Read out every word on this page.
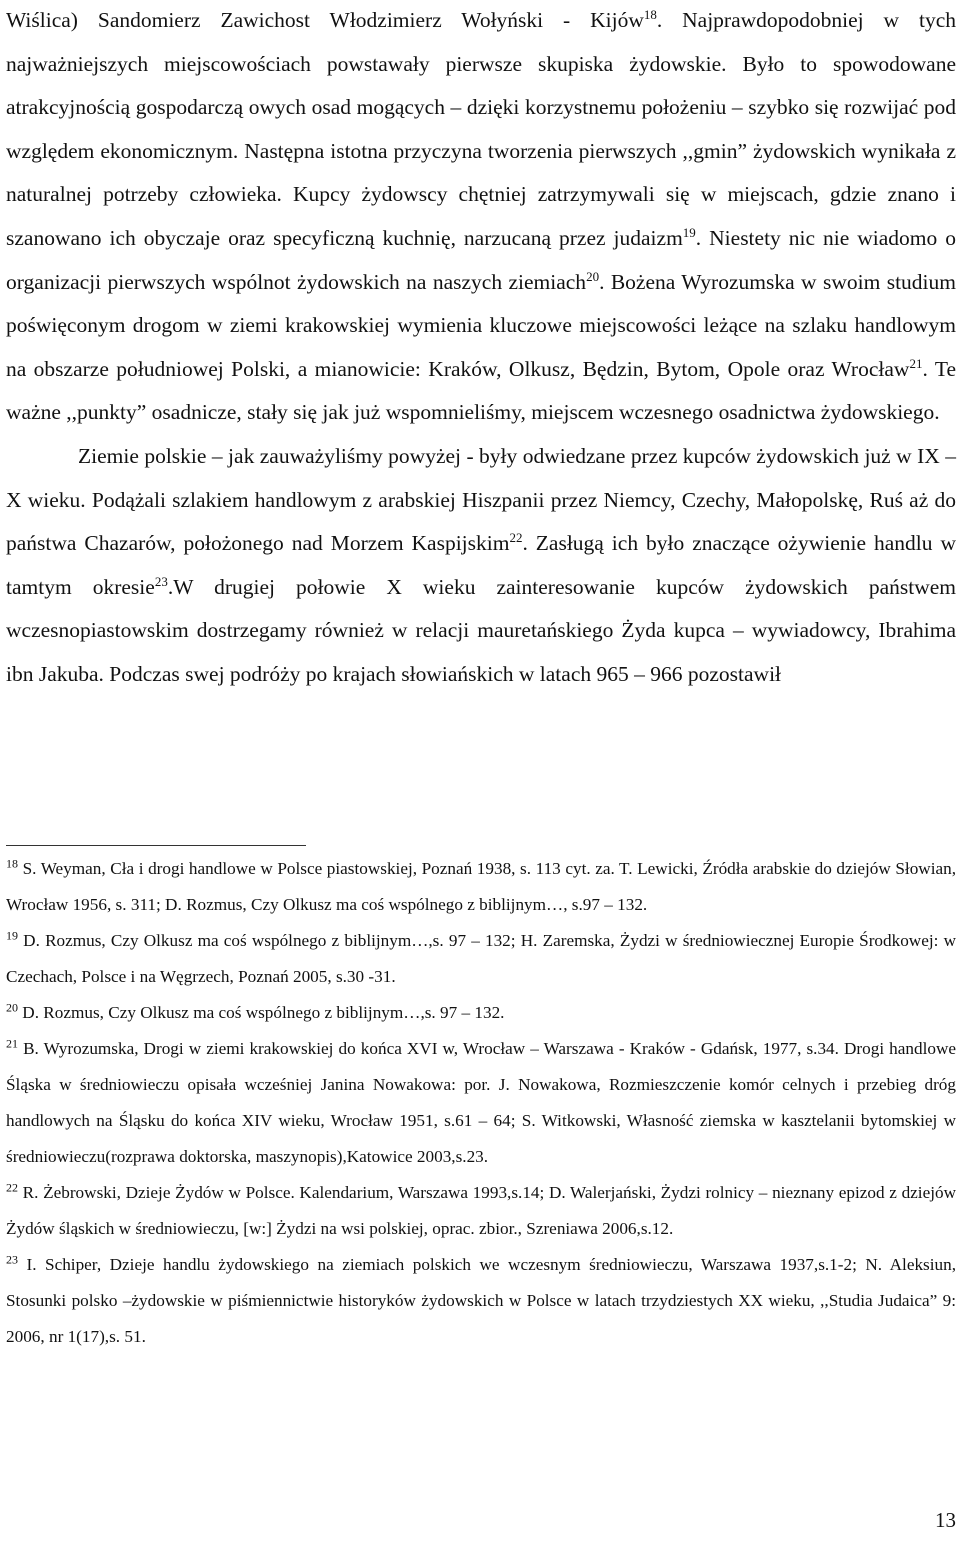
Wiślica) Sandomierz Zawichost Włodzimierz Wołyński - Kijów$^{18}$. Najprawdopodobniej w tych najważniejszych miejscowościach powstawały pierwsze skupiska żydowskie. Było to spowodowane atrakcyjnością gospodarczą owych osad mogących – dzięki korzystnemu położeniu – szybko się rozwijać pod względem ekonomicznym. Następna istotna przyczyna tworzenia pierwszych ,,gmin” żydowskich wynikała z naturalnej potrzeby człowieka. Kupcy żydowscy chętniej zatrzymywali się w miejscach, gdzie znano i szanowano ich obyczaje oraz specyficzną kuchnię, narzucaną przez judaizm$^{19}$. Niestety nic nie wiadomo o organizacji pierwszych wspólnot żydowskich na naszych ziemiach$^{20}$. Bożena Wyrozumska w swoim studium poświęconym drogom w ziemi krakowskiej wymienia kluczowe miejscowości leżące na szlaku handlowym na obszarze południowej Polski, a mianowicie: Kraków, Olkusz, Będzin, Bytom, Opole oraz Wrocław$^{21}$. Te ważne ,,punkty” osadnicze, stały się jak już wspomnieliśmy, miejscem wczesnego osadnictwa żydowskiego.

Ziemie polskie – jak zauważyliśmy powyżej - były odwiedzane przez kupców żydowskich już w IX – X wieku. Podążali szlakiem handlowym z arabskiej Hiszpanii przez Niemcy, Czechy, Małopolskę, Ruś aż do państwa Chazarów, położonego nad Morzem Kaspijskim$^{22}$. Zasługą ich było znaczące ożywienie handlu w tamtym okresie$^{23}$.W drugiej połowie X wieku zainteresowanie kupców żydowskich państwem wczesnopiastowskim dostrzegamy również w relacji mauretańskiego Żyda kupca – wywiadowcy, Ibrahima ibn Jakuba. Podczas swej podróży po krajach słowiańskich w latach 965 – 966 pozostawił

$^{18}$ S. Weyman, Cła i drogi handlowe w Polsce piastowskiej, Poznań 1938, s. 113 cyt. za. T. Lewicki, Źródła arabskie do dziejów Słowian, Wrocław 1956, s. 311; D. Rozmus, Czy Olkusz ma coś wspólnego z biblijnym…, s.97 – 132.

$^{19}$ D. Rozmus, Czy Olkusz ma coś wspólnego z biblijnym…,s. 97 – 132; H. Zaremska, Żydzi w średniowiecznej Europie Środkowej: w Czechach, Polsce i na Węgrzech, Poznań 2005, s.30 -31.

$^{20}$ D. Rozmus, Czy Olkusz ma coś wspólnego z biblijnym…,s. 97 – 132.

$^{21}$ B. Wyrozumska, Drogi w ziemi krakowskiej do końca XVI w, Wrocław – Warszawa - Kraków - Gdańsk, 1977, s.34. Drogi handlowe Śląska w średniowieczu opisała wcześniej Janina Nowakowa: por. J. Nowakowa, Rozmieszczenie komór celnych i przebieg dróg handlowych na Śląsku do końca XIV wieku, Wrocław 1951, s.61 – 64; S. Witkowski, Własność ziemska w kasztelanii bytomskiej w średniowieczu(rozprawa doktorska, maszynopis),Katowice 2003,s.23.

$^{22}$ R. Żebrowski, Dzieje Żydów w Polsce. Kalendarium, Warszawa 1993,s.14; D. Walerjański, Żydzi rolnicy – nieznany epizod z dziejów Żydów śląskich w średniowieczu, [w:] Żydzi na wsi polskiej, oprac. zbior., Szreniawa 2006,s.12.

$^{23}$ I. Schiper, Dzieje handlu żydowskiego na ziemiach polskich we wczesnym średniowieczu, Warszawa 1937,s.1-2; N. Aleksiun, Stosunki polsko –żydowskie w piśmiennictwie historyków żydowskich w Polsce w latach trzydziestych XX wieku, ,,Studia Judaica” 9: 2006, nr 1(17),s. 51.

13
